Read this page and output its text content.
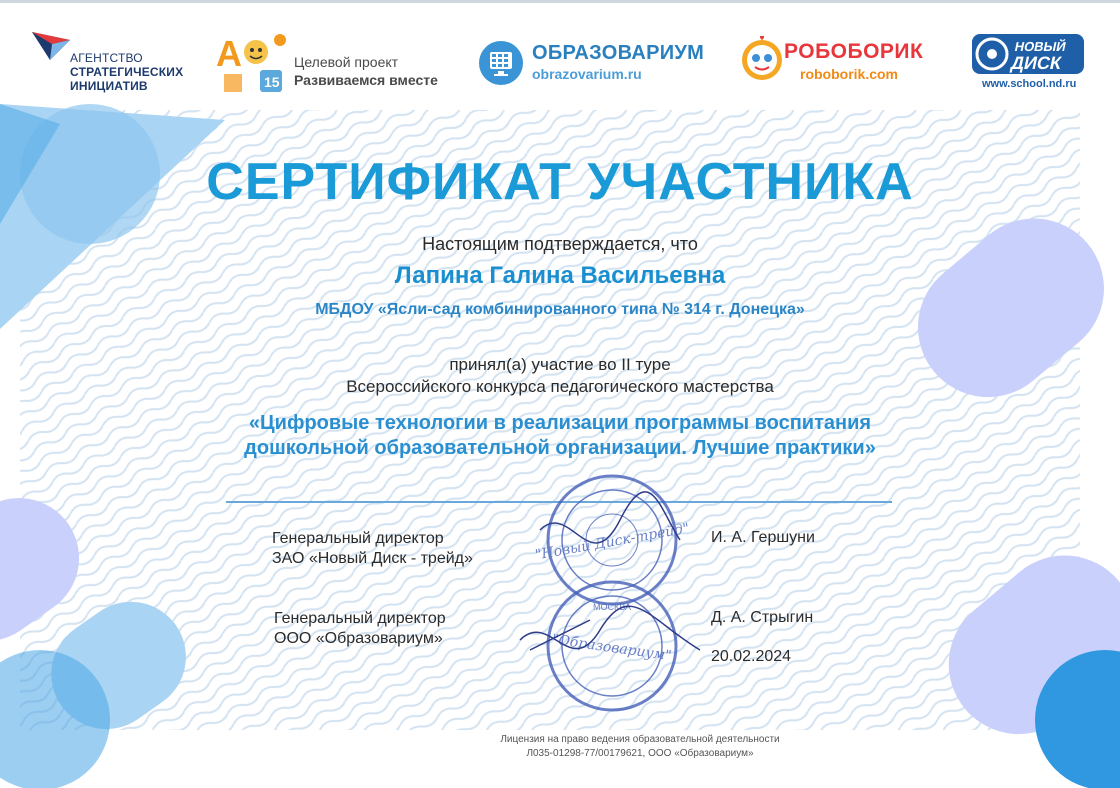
АГЕНТСТВО
СТРАТЕГИЧЕСКИХ
ИНИЦИАТИВ
А
15
Целевой проект
Развиваемся вместе
ОБРАЗОВАРИУМ
obrazovarium.ru
РОБОБОРИК
roboborik.com
НОВЫЙ
ДИСК
www.school.nd.ru
СЕРТИФИКАТ УЧАСТНИКА
Настоящим подтверждается, что
Лапина Галина Васильевна
МБДОУ «Ясли-сад комбинированного типа № 314 г. Донецка»
принял(а) участие во II туре
Всероссийского конкурса педагогического мастерства
«Цифровые технологии в реализации программы воспитания
дошкольной образовательной организации. Лучшие практики»
"Новый Диск-трейд"
"Образовариум"
МОСКВА
Генеральный директор
ЗАО «Новый Диск - трейд»
И. А. Гершуни
Генеральный директор
ООО «Образовариум»
Д. А. Стрыгин
20.02.2024
Лицензия на право ведения образовательной деятельности
Л035-01298-77/00179621, ООО «Образовариум»
